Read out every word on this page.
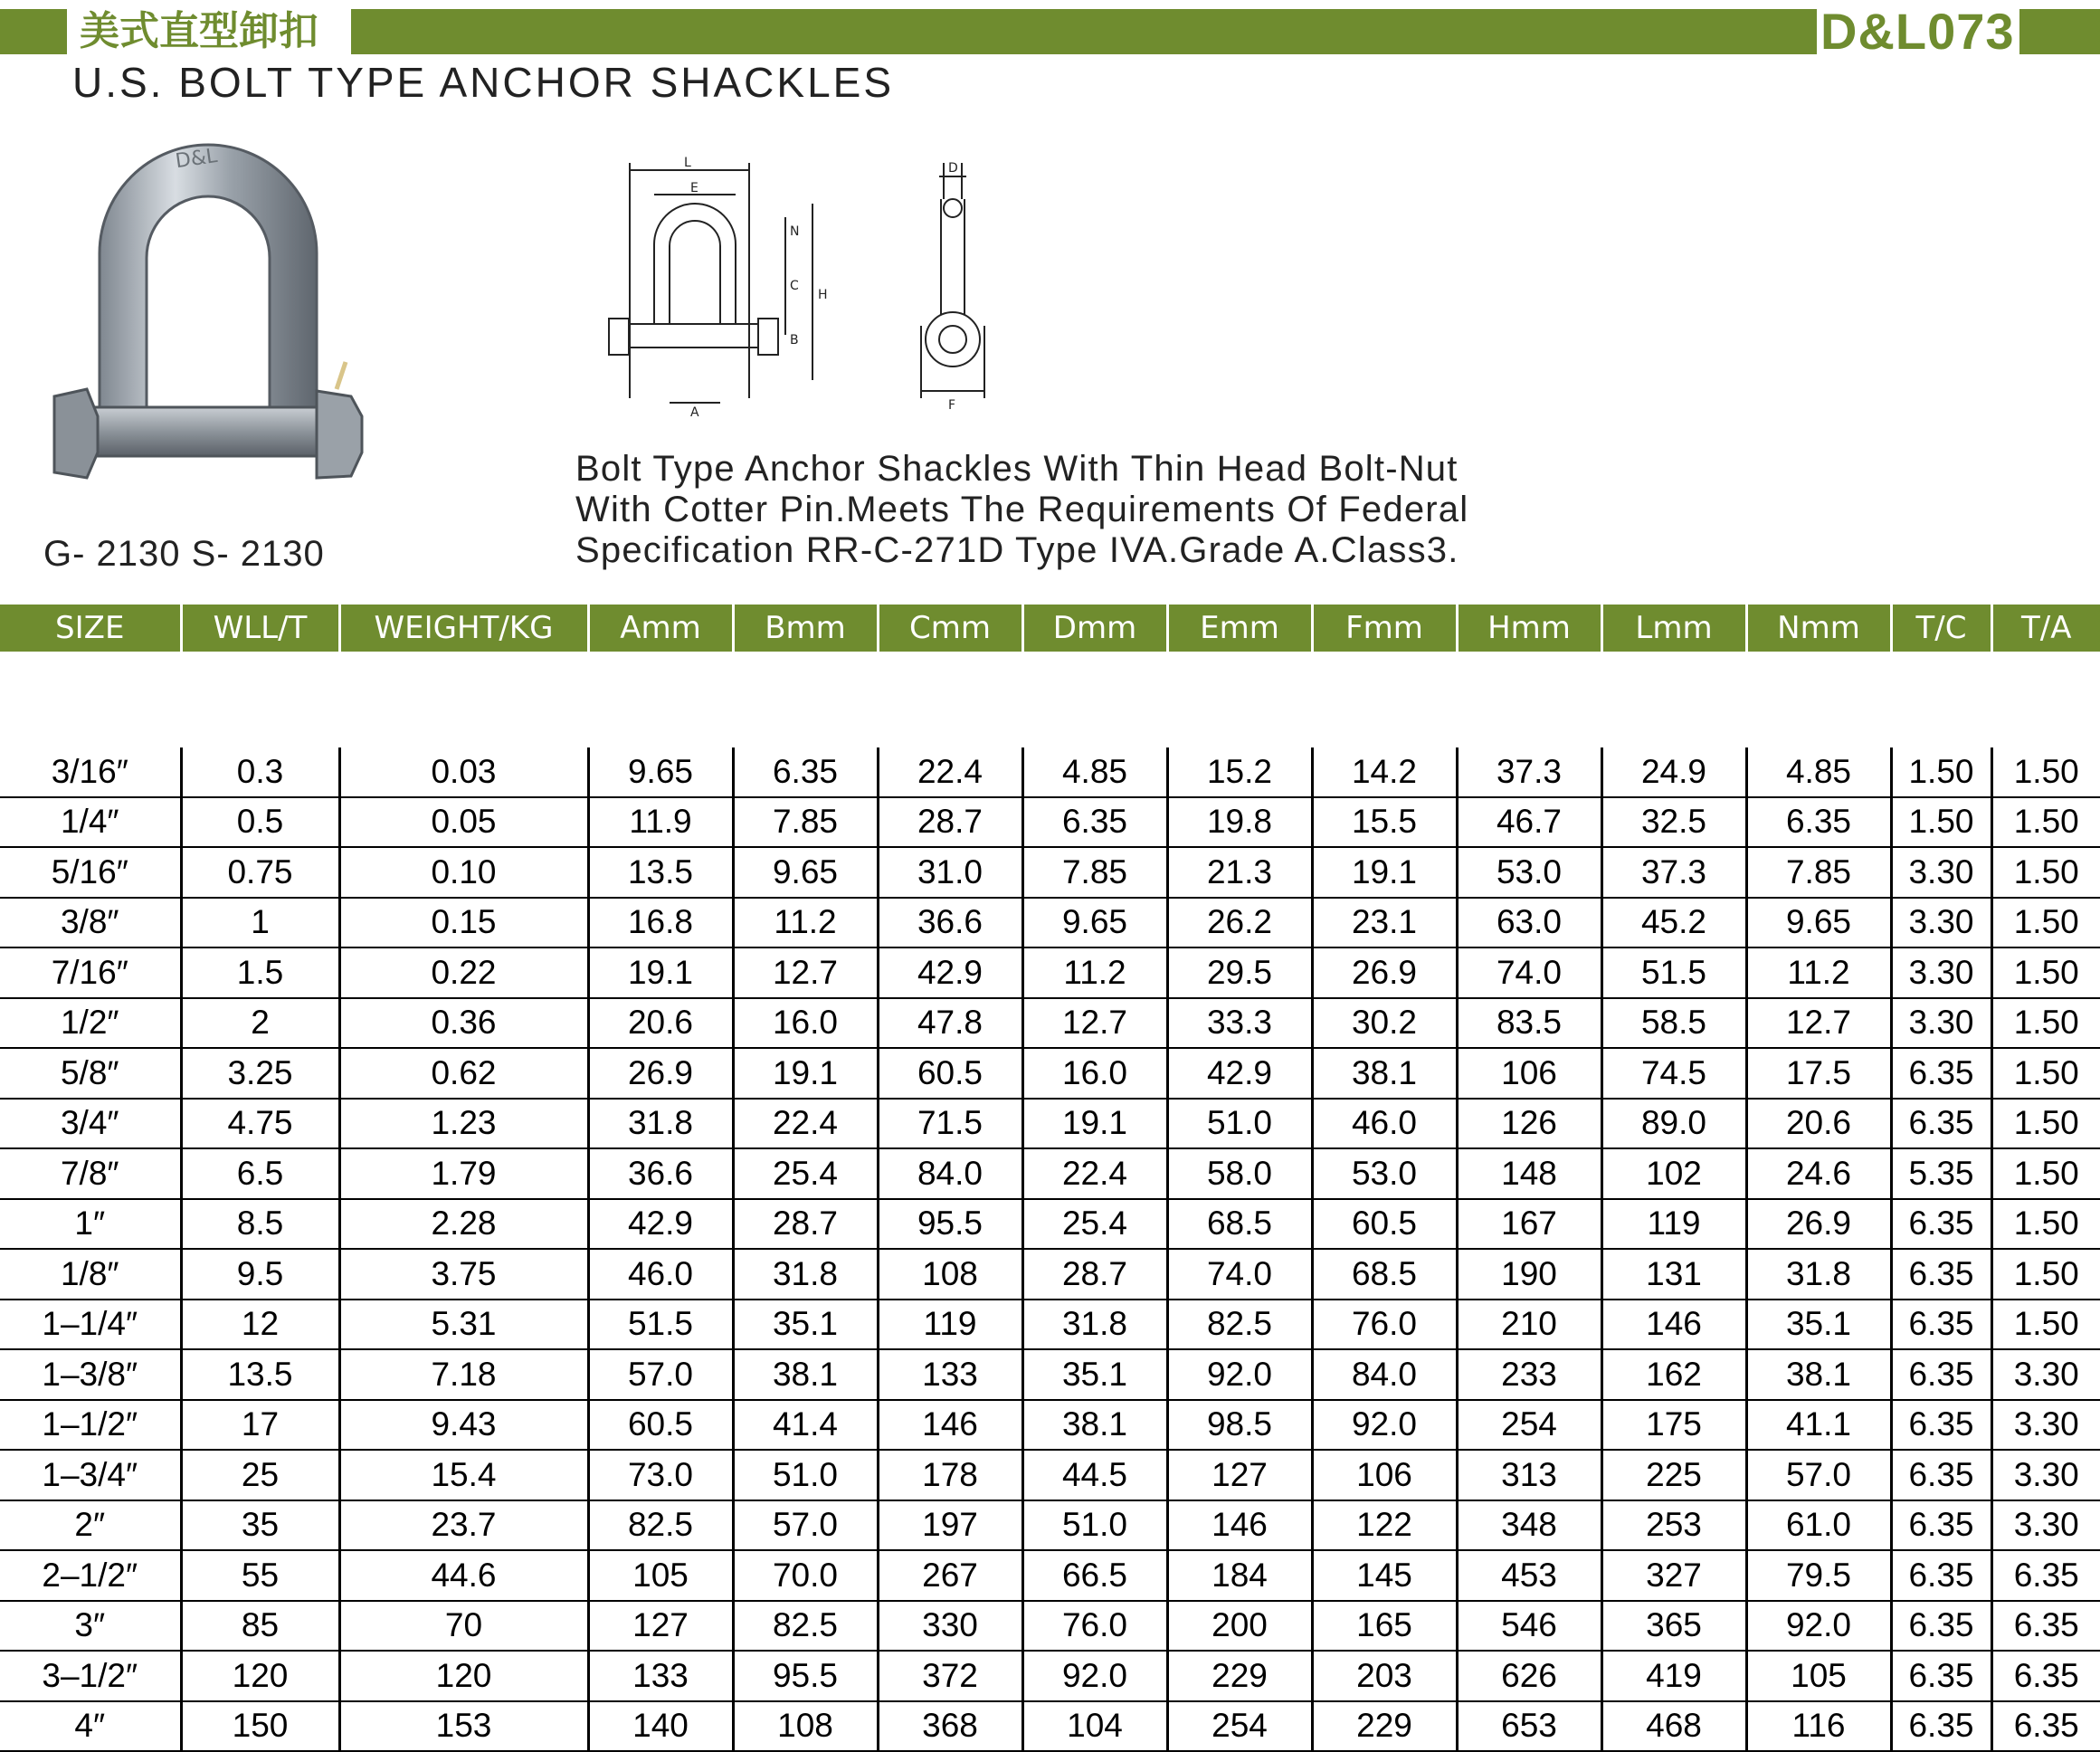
美式直型卸扣	D&L073
U.S. BOLT TYPE ANCHOR SHACKLES
D&L
G- 2130 S- 2130
L
E
N
C
H
B
A
D
F
Bolt Type Anchor Shackles With Thin Head Bolt-Nut
With Cotter Pin.Meets The Requirements Of Federal
Specification RR-C-271D Type IVA.Grade A.Class3.
SIZE	WLL/T	WEIGHT/KG	Amm	Bmm	Cmm	Dmm	Emm	Fmm	Hmm	Lmm	Nmm	T/C	T/A

3/16″	0.3	0.03	9.65	6.35	22.4	4.85	15.2	14.2	37.3	24.9	4.85	1.50	1.50
1/4″	0.5	0.05	11.9	7.85	28.7	6.35	19.8	15.5	46.7	32.5	6.35	1.50	1.50
5/16″	0.75	0.10	13.5	9.65	31.0	7.85	21.3	19.1	53.0	37.3	7.85	3.30	1.50
3/8″	1	0.15	16.8	11.2	36.6	9.65	26.2	23.1	63.0	45.2	9.65	3.30	1.50
7/16″	1.5	0.22	19.1	12.7	42.9	11.2	29.5	26.9	74.0	51.5	11.2	3.30	1.50
1/2″	2	0.36	20.6	16.0	47.8	12.7	33.3	30.2	83.5	58.5	12.7	3.30	1.50
5/8″	3.25	0.62	26.9	19.1	60.5	16.0	42.9	38.1	106	74.5	17.5	6.35	1.50
3/4″	4.75	1.23	31.8	22.4	71.5	19.1	51.0	46.0	126	89.0	20.6	6.35	1.50
7/8″	6.5	1.79	36.6	25.4	84.0	22.4	58.0	53.0	148	102	24.6	5.35	1.50
1″	8.5	2.28	42.9	28.7	95.5	25.4	68.5	60.5	167	119	26.9	6.35	1.50
1/8″	9.5	3.75	46.0	31.8	108	28.7	74.0	68.5	190	131	31.8	6.35	1.50
1–1/4″	12	5.31	51.5	35.1	119	31.8	82.5	76.0	210	146	35.1	6.35	1.50
1–3/8″	13.5	7.18	57.0	38.1	133	35.1	92.0	84.0	233	162	38.1	6.35	3.30
1–1/2″	17	9.43	60.5	41.4	146	38.1	98.5	92.0	254	175	41.1	6.35	3.30
1–3/4″	25	15.4	73.0	51.0	178	44.5	127	106	313	225	57.0	6.35	3.30
2″	35	23.7	82.5	57.0	197	51.0	146	122	348	253	61.0	6.35	3.30
2–1/2″	55	44.6	105	70.0	267	66.5	184	145	453	327	79.5	6.35	6.35
3″	85	70	127	82.5	330	76.0	200	165	546	365	92.0	6.35	6.35
3–1/2″	120	120	133	95.5	372	92.0	229	203	626	419	105	6.35	6.35
4″	150	153	140	108	368	104	254	229	653	468	116	6.35	6.35
